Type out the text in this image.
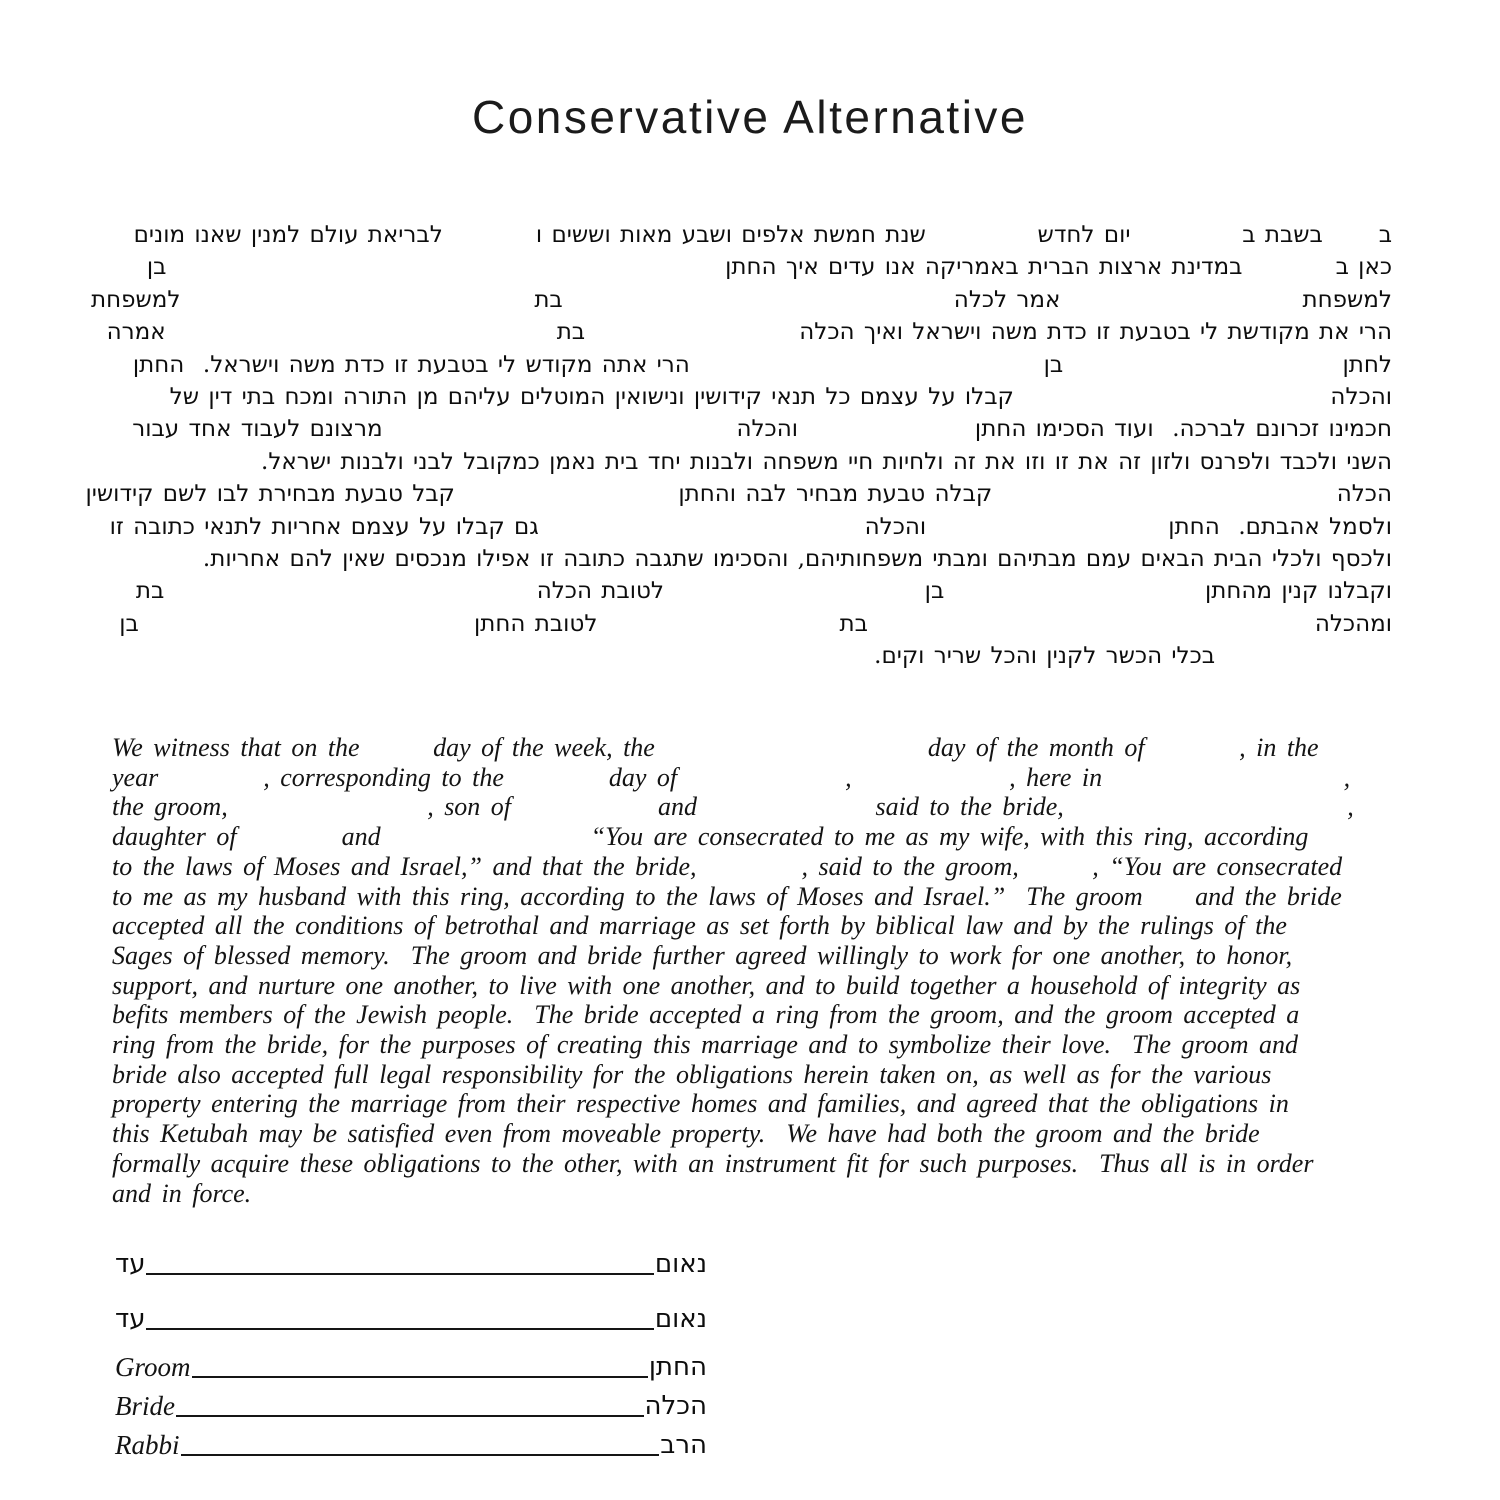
Conservative Alternative
ב      בשבת ב            יום לחדש            שנת חמשת אלפים ושבע מאות וששים ו          לבריאת עולם למנין שאנו מונים
כאן ב          במדינת ארצות הברית באמריקה אנו עדים איך החתן                                                            בן
למשפחת                          אמר לכלה                                          בת                                      למשפחת
הרי את מקודשת לי בטבעת זו כדת משה וישראל ואיך הכלה                       בת                                          אמרה
לחתן                              בן                                      הרי אתה מקודש לי בטבעת זו כדת משה וישראל.  החתן
והכלה                                  קבלו על עצמם כל תנאי קידושין ונישואין המוטלים עליהם מן התורה ומכח בתי דין של
חכמינו זכרונם לברכה.  ועוד הסכימו החתן                   והכלה                                      מרצונם לעבוד אחד עבור
השני ולכבד ולפרנס ולזון זה את זו וזו את זה ולחיות חיי משפחה ולבנות יחד בית נאמן כמקובל לבני ולבנות ישראל.
הכלה                                     קבלה טבעת מבחיר לבה והחתן                        קבל טבעת מבחירת לבו לשם קידושין
ולסמל אהבתם.  החתן                          והכלה                                   גם קבלו על עצמם אחריות לתנאי כתובה זו
ולכסף ולכלי הבית הבאים עמם מבתיהם ומבתי משפחותיהם, והסכימו שתגבה כתובה זו אפילו מנכסים שאין להם אחריות.
וקבלנו קנין מהחתן                            בן                            לטובת הכלה                                        בת
ומהכלה                                                בת                          לטובת החתן                                    בן
בכלי הכשר לקנין והכל שריר וקים.
We witness that on the       day of the week, the                          day of the month of         , in the
year          , corresponding to the          day of                ,               , here in                       ,
the groom,                   , son of              and                 said to the bride,                           ,
daughter of          and                    “You are consecrated to me as my wife, with this ring, according
to the laws of Moses and Israel,” and that the bride,          , said to the groom,       , “You are consecrated
to me as my husband with this ring, according to the laws of Moses and Israel.”  The groom     and the bride
accepted all the conditions of betrothal and marriage as set forth by biblical law and by the rulings of the
Sages of blessed memory.  The groom and bride further agreed willingly to work for one another, to honor,
support, and nurture one another, to live with one another, and to build together a household of integrity as
befits members of the Jewish people.  The bride accepted a ring from the groom, and the groom accepted a
ring from the bride, for the purposes of creating this marriage and to symbolize their love.  The groom and
bride also accepted full legal responsibility for the obligations herein taken on, as well as for the various
property entering the marriage from their respective homes and families, and agreed that the obligations in
this Ketubah may be satisfied even from moveable property.  We have had both the groom and the bride
formally acquire these obligations to the other, with an instrument fit for such purposes.  Thus all is in order
and in force.
עד	נאום
עד	נאום
Groom	החתן
Bride	הכלה
Rabbi	הרב
